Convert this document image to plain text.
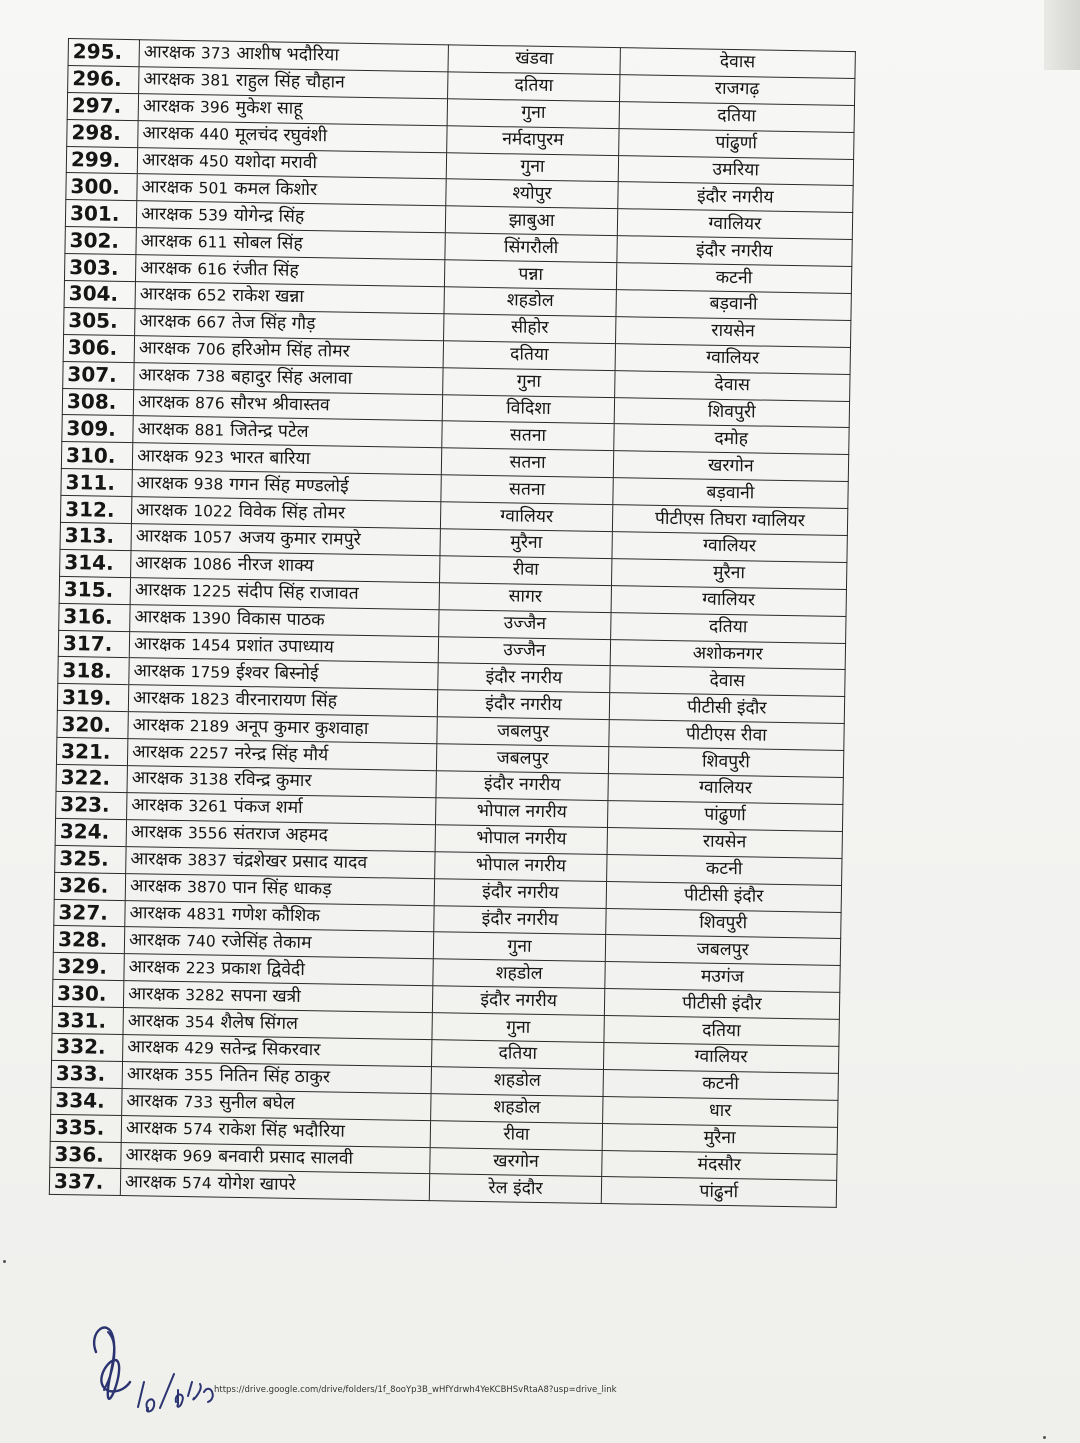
295.	आरक्षक 373 आशीष भदौरिया	खंडवा	देवास
296.	आरक्षक 381 राहुल सिंह चौहान	दतिया	राजगढ़
297.	आरक्षक 396 मुकेश साहू	गुना	दतिया
298.	आरक्षक 440 मूलचंद रघुवंशी	नर्मदापुरम	पांढुर्णा
299.	आरक्षक 450 यशोदा मरावी	गुना	उमरिया
300.	आरक्षक 501 कमल किशोर	श्योपुर	इंदौर नगरीय
301.	आरक्षक 539 योगेन्द्र सिंह	झाबुआ	ग्वालियर
302.	आरक्षक 611 सोबल सिंह	सिंगरौली	इंदौर नगरीय
303.	आरक्षक 616 रंजीत सिंह	पन्ना	कटनी
304.	आरक्षक 652 राकेश खन्ना	शहडोल	बड़वानी
305.	आरक्षक 667 तेज सिंह गौड़	सीहोर	रायसेन
306.	आरक्षक 706 हरिओम सिंह तोमर	दतिया	ग्वालियर
307.	आरक्षक 738 बहादुर सिंह अलावा	गुना	देवास
308.	आरक्षक 876 सौरभ श्रीवास्तव	विदिशा	शिवपुरी
309.	आरक्षक 881 जितेन्द्र पटेल	सतना	दमोह
310.	आरक्षक 923 भारत बारिया	सतना	खरगोन
311.	आरक्षक 938 गगन सिंह मण्डलोई	सतना	बड़वानी
312.	आरक्षक 1022 विवेक सिंह तोमर	ग्वालियर	पीटीएस तिघरा ग्वालियर
313.	आरक्षक 1057 अजय कुमार रामपुरे	मुरैना	ग्वालियर
314.	आरक्षक 1086 नीरज शाक्य	रीवा	मुरैना
315.	आरक्षक 1225 संदीप सिंह राजावत	सागर	ग्वालियर
316.	आरक्षक 1390 विकास पाठक	उज्जैन	दतिया
317.	आरक्षक 1454 प्रशांत उपाध्याय	उज्जैन	अशोकनगर
318.	आरक्षक 1759 ईश्वर बिस्नोई	इंदौर नगरीय	देवास
319.	आरक्षक 1823 वीरनारायण सिंह	इंदौर नगरीय	पीटीसी इंदौर
320.	आरक्षक 2189 अनूप कुमार कुशवाहा	जबलपुर	पीटीएस रीवा
321.	आरक्षक 2257 नरेन्द्र सिंह मौर्य	जबलपुर	शिवपुरी
322.	आरक्षक 3138 रविन्द्र कुमार	इंदौर नगरीय	ग्वालियर
323.	आरक्षक 3261 पंकज शर्मा	भोपाल नगरीय	पांढुर्णा
324.	आरक्षक 3556 संतराज अहमद	भोपाल नगरीय	रायसेन
325.	आरक्षक 3837 चंद्रशेखर प्रसाद यादव	भोपाल नगरीय	कटनी
326.	आरक्षक 3870 पान सिंह धाकड़	इंदौर नगरीय	पीटीसी इंदौर
327.	आरक्षक 4831 गणेश कौशिक	इंदौर नगरीय	शिवपुरी
328.	आरक्षक 740 रजेसिंह तेकाम	गुना	जबलपुर
329.	आरक्षक 223 प्रकाश द्विवेदी	शहडोल	मउगंज
330.	आरक्षक 3282 सपना खत्री	इंदौर नगरीय	पीटीसी इंदौर
331.	आरक्षक 354 शैलेष सिंगल	गुना	दतिया
332.	आरक्षक 429 सतेन्द्र सिकरवार	दतिया	ग्वालियर
333.	आरक्षक 355 नितिन सिंह ठाकुर	शहडोल	कटनी
334.	आरक्षक 733 सुनील बघेल	शहडोल	धार
335.	आरक्षक 574 राकेश सिंह भदौरिया	रीवा	मुरैना
336.	आरक्षक 969 बनवारी प्रसाद सालवी	खरगोन	मंदसौर
337.	आरक्षक 574 योगेश खापरे	रेल इंदौर	पांढुर्ना
https://drive.google.com/drive/folders/1f_8ooYp3B_wHfYdrwh4YeKCBHSvRtaA8?usp=drive_link
